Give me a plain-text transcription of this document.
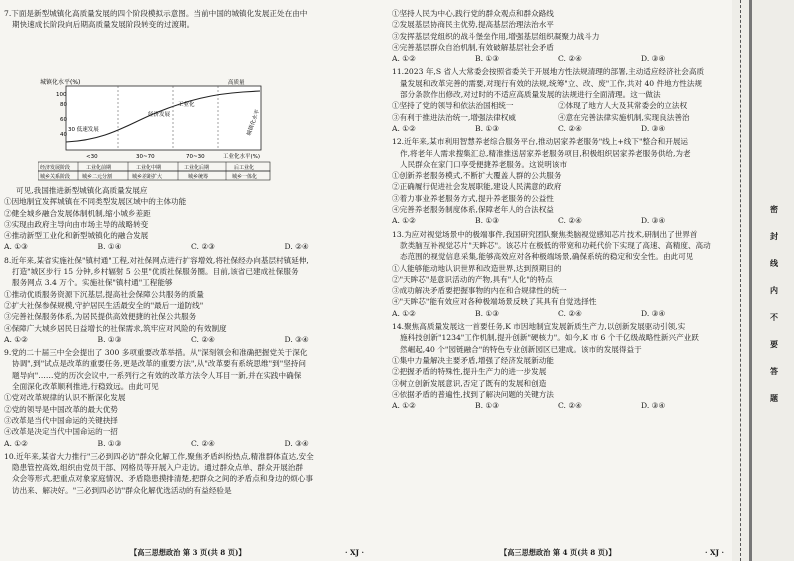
7.下面是新型城镇化高质量发展的四个阶段模拟示意图。当前中国的城镇化发展正处在由中

期快速成长阶段向后期高质量发展阶段转变的过渡期。

城镇化水平(%)
100
80
60
40
30 低速发展
经济发展
工业化
高质量
城镇化水平
<30	30~70	70~30	工业化水平(%)
经济发展阶段	工业化前期	工业化中期	工业化后期	后工业化
城乡关系阶段 城乡二元分割	城乡差距扩大	城乡统筹	城乡一体化

可见,我国推进新型城镇化高质量发展应

①因地制宜发挥城镇在不同类型发展区域中的主体功能

②健全城乡融合发展体制机制,缩小城乡差距

③实现由政府主导向由市场主导的战略转变

④推动新型工业化和新型城镇化的融合发展

A. ①③	B. ①④	C. ②③	D. ②④

8.近年来,某省实施社保"镇村通"工程,对社保网点进行扩容增效,将社保经办向基层村镇延伸,

打造"城区步行 15 分钟,乡村辐射 5 公里"优质社保服务圈。目前,该省已建成社保服务

服务网点 3.4 万个。实施社保"镇村通"工程能够

①推动优质服务资源下沉基层,提高社会保障公共服务的质量

②扩大社保参保规模,守护居民生活最安全的"最后一道防线"

③完善社保服务体系,为居民提供高效便捷的社保公共服务

④保障广大城乡居民日益增长的社保需求,筑牢应对风险的有效制度

A. ①②	B. ①③	C. ②④	D. ③④

9.党的二十届三中全会提出了 300 多项重要改革举措。从"深刻领会和准确把握党关于深化

协调",到"试点是改革的重要任务,更是改革的重要方法",从"改革要有系统思维"到"坚持问

题导向"……党的历次会议中,一系列行之有效的改革方法令人耳目一新,并在实践中确保

全面深化改革顺利推进,行稳致远。由此可见

①党对改革规律的认识不断深化发展

②党的领导是中国改革的最大优势

③改革是当代中国命运的关键抉择

④改革是决定当代中国命运的一招

A. ①②	B. ①③	C. ②④	D. ③④

10.近年来,某省大力推行"三必到四必访"群众化解工作,聚焦矛盾纠纷热点,精准群体直达,安全

隐患管控高效,组织由党员干部、网格员等开展入户走访。通过群众点单、群众开展治群

众会等形式,把重点对象家庭情况、矛盾隐患摸排清楚,把群众之间的矛盾点和身边的烦心事

访出来、解决好。"三必到四必访"群众化解优选活动的有益经验是

【高三思想政治 第 3 页(共 8 页)】	· XJ ·

①坚持人民为中心,践行党的群众观点和群众路线

②发展基层协商民主优势,提高基层治理法治水平

③发挥基层党组织的战斗堡垒作用,增强基层组织凝聚力战斗力

④完善基层群众自治机制,有效破解基层社会矛盾

A. ①②	B. ①③	C. ②④	D. ③④

11.2023 年,S 省人大常委会按照省委关于开展地方性法规清理的部署,主动适应经济社会高质

量发展和改革完善的需要,对现行有效的法规,统筹"立、改、废"工作,共对 40 件地方性法规

部分条款作出修改,对过时的不适应高质量发展的法规进行全面清理。这一做法

①坚持了党的领导和依法治国相统一	②体现了地方人大及其常委会的立法权
③有利于推进法治统一,增强法律权威	④意在完善法律实施机制,实现良法善治
A. ①②	B. ①③	C. ②④	D. ③④

12.近年来,某市利用智慧养老综合服务平台,推动居家养老服务"线上+线下"整合和开展运

作,将老年人需求搜集汇总,精准推送居家养老服务项目,积极组织居家养老服务供给,为老

人民群众在家门口享受便捷养老服务。这说明该市

①创新养老服务模式,不断扩大覆盖人群的公共服务

②正确履行促进社会发展职能,建设人民满意的政府

③着力事业养老服务方式,提升养老服务的公益性

④完善养老服务制度体系,保障老年人的合法权益

A. ①②	B. ①③	C. ②④	D. ③④

13.为应对视觉场景中的极端事件,我国研究团队聚焦类脑视觉感知芯片技术,研制出了世界首

款类脑互补视觉芯片"天眸芯"。该芯片在极低的带宽和功耗代价下实现了高速、高精度、高动

态范围的视觉信息采集,能够高效应对各种极端场景,确保系统的稳定和安全性。由此可见

①人能够能动地认识世界和改造世界,达到预期目的

②"天眸芯"是意识活动的产物,具有"人化"的特点

③成功解决矛盾要把握事物的内在和合规律性的统一

④"天眸芯"能有效应对各种极端场景反映了其具有自觉选择性

A. ①②	B. ①③	C. ②④	D. ③④

14.聚焦高质量发展这一首要任务,K 市因地制宜发展新质生产力,以创新发展驱动引领,实

施科技创新"1234"工作机制,提升创新"硬核力"。如今,K 市 6 个千亿级战略性新兴产业跃

然崛起,40 个"园链融合"的特色专业创新园区已建成。该市的发展得益于

①集中力量解决主要矛盾,增强了经济发展新动能

②把握矛盾的特殊性,提升生产力的进一步发展

③树立创新发展意识,否定了既有的发展和创造

④依据矛盾的普遍性,找到了解决问题的关键方法

A. ①②	B. ①③	C. ②④	D. ③④
【高三思想政治 第 4 页(共 8 页)】	· XJ ·
密
封
线
内
不
要
答
题
